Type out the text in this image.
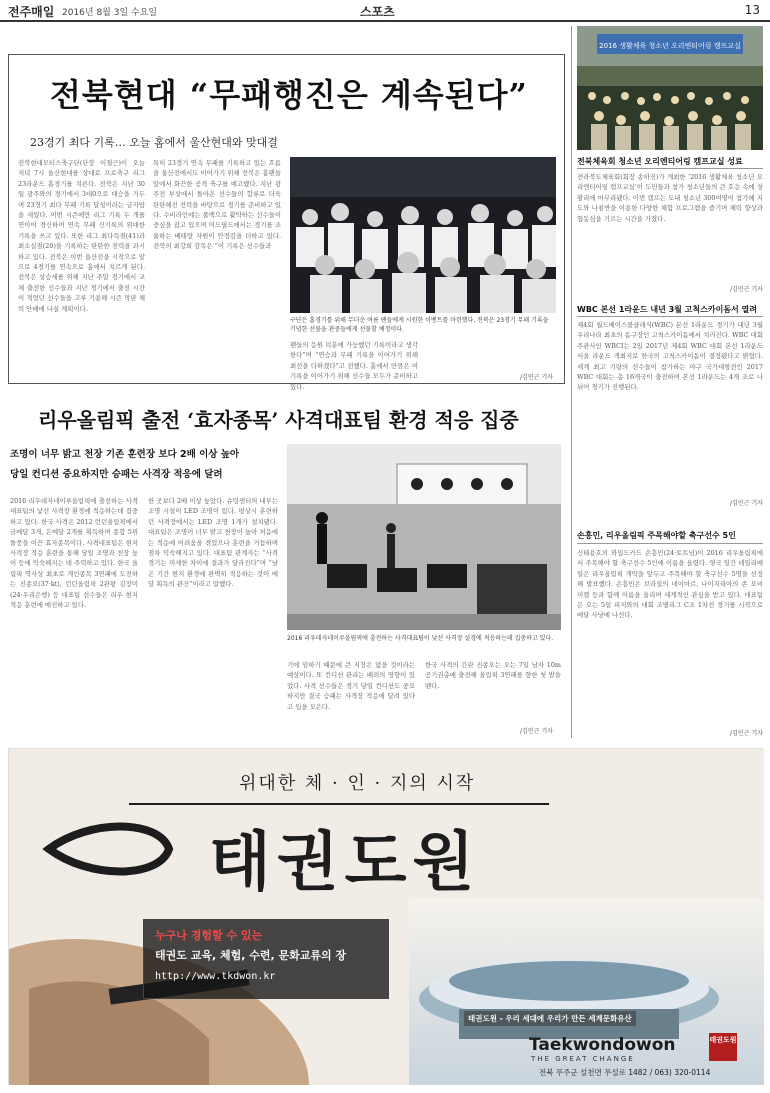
전주매일 2016년 8월 3일 수요일	스포츠	13
전북현대 “무패행진은 계속된다”
23경기 최다 기록… 오늘 홈에서 울산현대와 맞대결
전북현대모터스축구단(단장 이철근)이 오늘 저녁 7시 울산현대를 상대로 프로축구 리그 23라운드 홈경기를 치른다. 전북은 지난 30일 광주와의 경기에서 3대0으로 대승을 거두며 23경기 최다 무패 기록 달성이라는 금자탑을 세웠다. 이번 시즌에만 리그 기록 두 개를 연이어 경신하며 연속 무패 신기록의 위대한 기록을 쓰고 있다. 또한 리그 최다득점(41)과 최소실점(20)을 기록하는 탄탄한 전력을 과시하고 있다. 전북은 이번 울산전을 시작으로 앞으로 4경기를 연속으로 홈에서 치르게 된다. 전북은 상승세를 위해 지난 주말 경기에서 교체 출전한 선수들과 지난 경기에서 출전 시간이 적었던 선수들을 고루 기용해 시즌 막판 체력 안배에 나설 계획이다.
특히 23경기 연속 무패를 기록하고 있는 흐름을 울산전에서도 이어가기 위해 전북은 홈팬들 앞에서 화끈한 공격 축구를 예고했다. 지난 광주전 부상에서 돌아온 선수들의 합류로 더욱 탄탄해진 전력을 바탕으로 경기를 준비하고 있다. 수비라인에는 풀백으로 활약하는 선수들이 중심을 잡고 있으며 미드필드에서는 경기를 조율하는 베테랑 자원이 안정감을 더하고 있다. 전북의 최강희 감독은 “이 기록은 선수들과
구단은 홈경기를 위해 무더운 여름 팬들에게 시원한 이벤트를 마련했다. 전북은 23경기 무패 기록을 기념한 선물을 관중들에게 선물할 예정이다.
팬들의 응원 덕분에 가능했던 기록이라고 생각한다”며 “연승과 무패 기록을 이어가기 위해 최선을 다하겠다”고 전했다. 홈에서 만큼은 이 기록을 이어가기 위해 선수들 모두가 준비하고 있다.
/김민근 기자
2016 생활체육 청소년 오리엔티어링 캠프교실
전북체육회 청소년 오리엔티어링 캠프교실 성료
전라북도체육회(회장 송하진)가 개최한 ‘2016 생활체육 청소년 오리엔티어링 캠프교실’이 도민들과 참가 청소년들의 큰 호응 속에 성황리에 마무리됐다. 이번 캠프는 도내 청소년 300여명이 참가해 지도와 나침반을 이용한 다양한 체험 프로그램을 즐기며 체력 향상과 협동심을 기르는 시간을 가졌다.
/김민근 기자
WBC 본선 1라운드 내년 3월 고척스카이돔서 열려
제4회 월드베이스볼클래식(WBC) 본선 1라운드 경기가 내년 3월 우리나라 최초의 돔구장인 고척스카이돔에서 치러진다. WBC 대회 주관사인 WBCI는 2일 2017년 제4회 WBC 대회 본선 1라운드 서울 라운드 개최지로 한국의 고척스카이돔이 결정됐다고 밝혔다. 세계 최고 기량의 선수들이 참가하는 야구 국가대항전인 2017 WBC 대회는 총 16개국이 출전하며 본선 1라운드는 4개 조로 나뉘어 경기가 진행된다.
/김민근 기자
손흥민, 리우올림픽 주목해야할 축구선수 5인
신태용호의 와일드카드 손흥민(24·토트넘)이 2016 리우올림픽에서 주목해야 할 축구선수 5인에 이름을 올렸다. 영국 일간 데일리메일은 리우올림픽 개막을 앞두고 주목해야 할 축구선수 5명을 선정해 발표했다. 손흥민은 브라질의 네이마르, 나이지리아의 존 오비 미켈 등과 함께 이름을 올리며 세계적인 관심을 받고 있다. 대표팀은 오는 5일 피지와의 대회 조별리그 C조 1차전 경기를 시작으로 메달 사냥에 나선다.
/김민근 기자
리우올림픽 출전 ‘효자종목’ 사격대표팀 환경 적응 집중
조명이 너무 밝고 천장 기존 훈련장 보다 2배 이상 높아
당일 컨디션 중요하지만 승패는 사격장 적응에 달려
2016 리우데자네이루올림픽에 출전하는 사격대표팀의 낯선 사격장 환경에 적응하는데 집중하고 있다. 한국 사격은 2012 런던올림픽에서 금메달 3개, 은메달 2개를 획득하며 종합 5위 돌풍을 이끈 효자종목이다. 사격대표팀은 현지 사격장 적응 훈련을 통해 당일 조명과 천장 높이 등에 익숙해지는 데 주력하고 있다. 한국 올림픽 역사상 최초로 개인종목 3연패에 도전하는 진종오(37·kt), 런던올림픽 2관왕 김장미(24·우리은행) 등 대표팀 선수들은 리우 현지 적응 훈련에 매진하고 있다.
한 곳보다 2배 이상 높았다. 슈팅센터의 내부는 조명 시설이 LED 조명이 있다. 평상시 훈련하던 사격장에서는 LED 조명 1개가 설치됐다. 대표팀은 조명이 너무 밝고 천장이 높아 처음에는 적응에 어려움을 겪었으나 훈련을 거듭하며 점차 익숙해지고 있다. 대표팀 관계자는 “사격 경기는 미세한 차이에 결과가 달라진다”며 “남은 기간 현지 환경에 완벽히 적응하는 것이 메달 획득의 관건”이라고 말했다.
2016 리우데자네이루올림픽에 출전하는 사격대표팀이 낯선 사격장 설경에 적응하는데 집중하고 있다.
기에 임하기 때문에 큰 지장은 없을 것이라는 예상이다. 또 컨디션 관리는 배려의 영향이 있었다. 사격 선수들은 경기 당일 컨디션도 중요하지만 결국 승패는 사격장 적응에 달려 있다고 입을 모은다.
한국 사격의 간판 진종오는 오는 7일 남자 10m 공기권총에 출전해 올림픽 3연패를 향한 첫 발을 뗀다.
/김민근 기자
위대한 체 · 인 · 지의 시작
태권도원
누구나 경험할 수 있는
태권도 교육, 체험, 수련, 문화교류의 장
http://www.tkdwon.kr
태권도원 - 우리 세대에 우리가 만든 세계문화유산
Taekwondowon
THE GREAT CHANGE
태권도원
전북 무주군 설천면 무설로 1482 / 063) 320-0114
